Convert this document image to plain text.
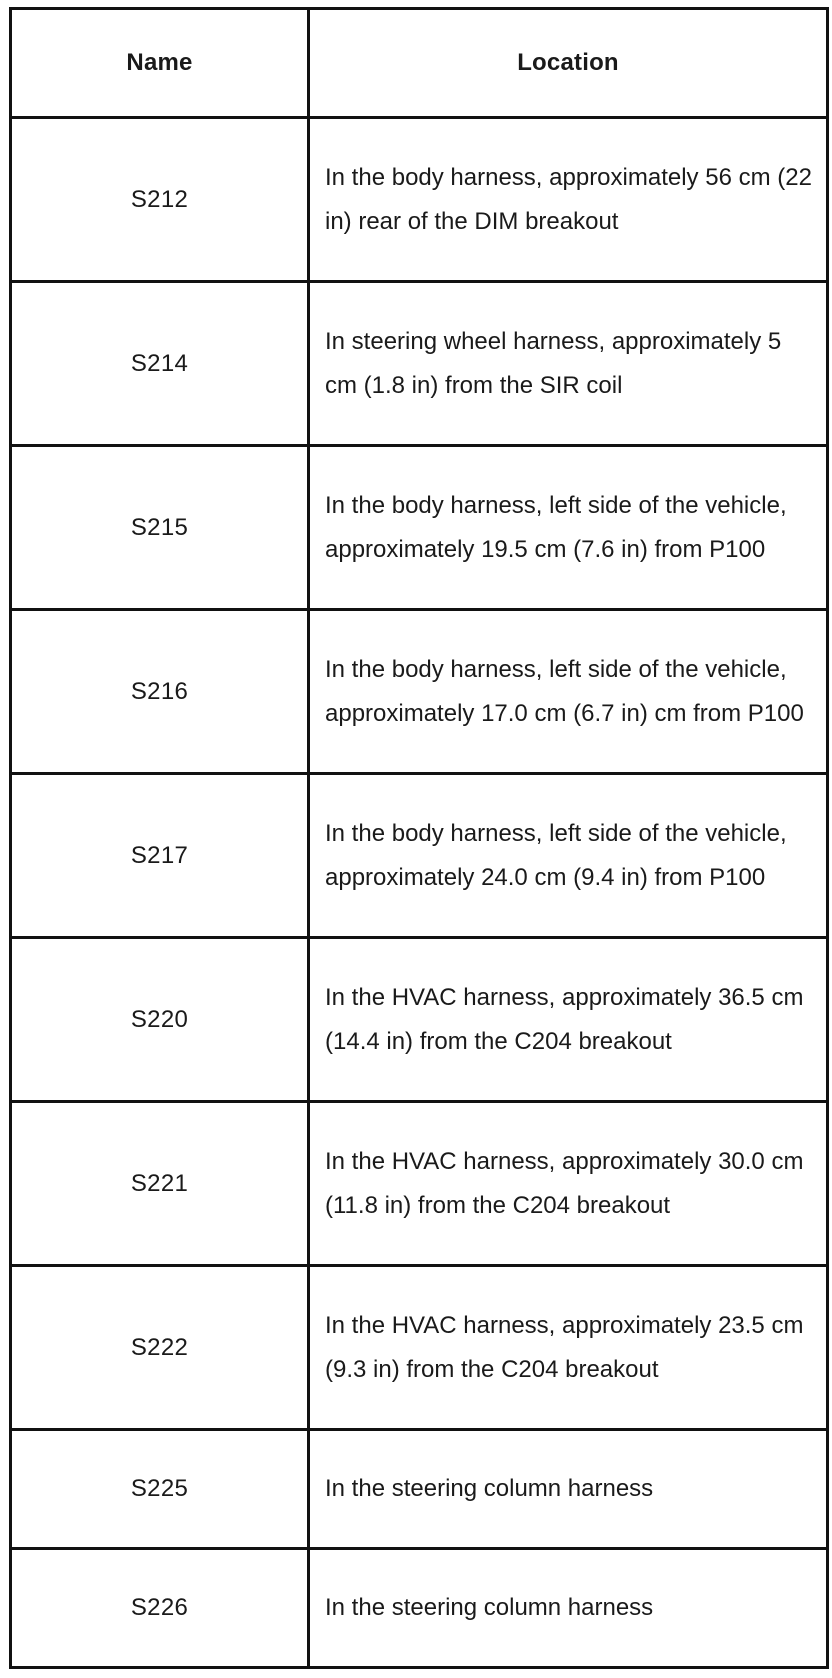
Name	Location
S212	In the body harness, approximately 56 cm (22 in) rear of the DIM breakout
S214	In steering wheel harness, approximately 5 cm (1.8 in) from the SIR coil
S215	In the body harness, left side of the vehicle, approximately 19.5 cm (7.6 in) from P100
S216	In the body harness, left side of the vehicle, approximately 17.0 cm (6.7 in) cm from P100
S217	In the body harness, left side of the vehicle, approximately 24.0 cm (9.4 in) from P100
S220	In the HVAC harness, approximately 36.5 cm (14.4 in) from the C204 breakout
S221	In the HVAC harness, approximately 30.0 cm (11.8 in) from the C204 breakout
S222	In the HVAC harness, approximately 23.5 cm (9.3 in) from the C204 breakout
S225	In the steering column harness
S226	In the steering column harness
